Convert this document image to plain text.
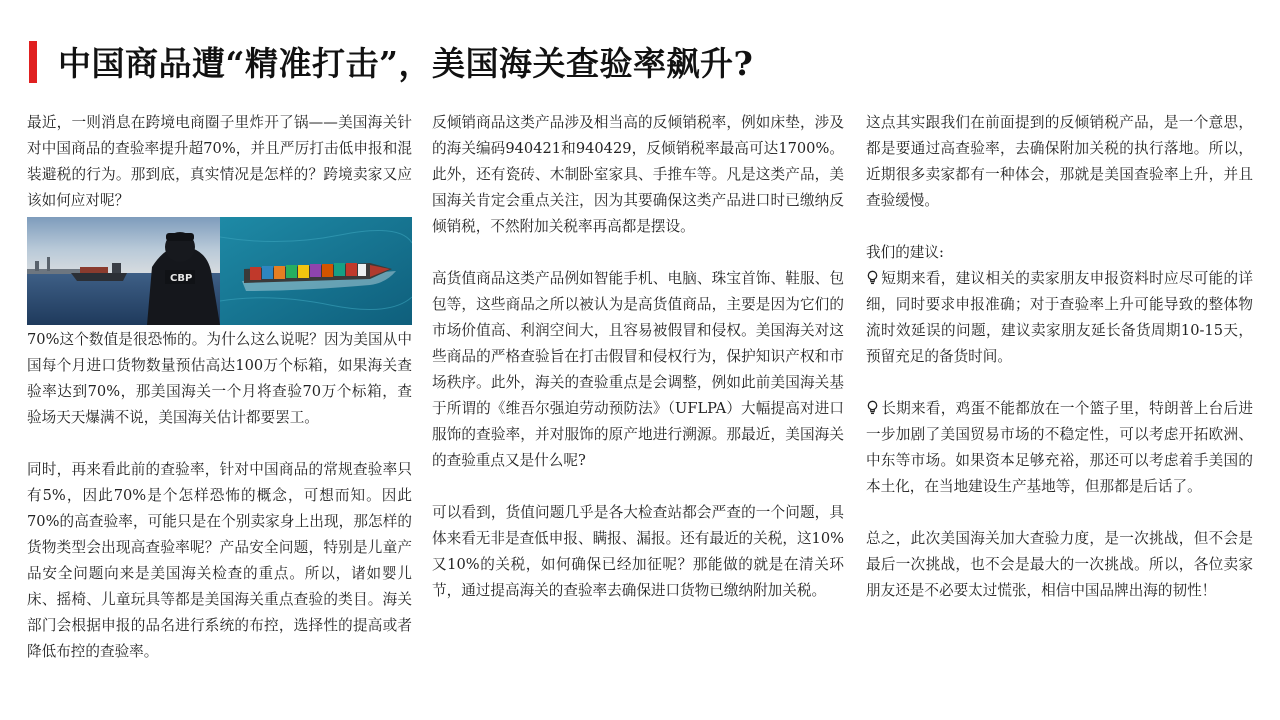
中国商品遭“精准打击”，美国海关查验率飙升?

最近，一则消息在跨境电商圈子里炸开了锅——美国海关针对中国商品的查验率提升超70%，并且严厉打击低申报和混装避税的行为。那到底，真实情况是怎样的？跨境卖家又应该如何应对呢？

CBP

70%这个数值是很恐怖的。为什么这么说呢？因为美国从中国每个月进口货物数量预估高达100万个标箱，如果海关查验率达到70%，那美国海关一个月将查验70万个标箱，查验场天天爆满不说，美国海关估计都要罢工。

同时，再来看此前的查验率，针对中国商品的常规查验率只有5%，因此70%是个怎样恐怖的概念，可想而知。因此70%的高查验率，可能只是在个别卖家身上出现，那怎样的货物类型会出现高查验率呢？产品安全问题，特别是儿童产品安全问题向来是美国海关检查的重点。所以，诸如婴儿床、摇椅、儿童玩具等都是美国海关重点查验的类目。海关部门会根据申报的品名进行系统的布控，选择性的提高或者降低布控的查验率。

反倾销商品这类产品涉及相当高的反倾销税率，例如床垫，涉及的海关编码940421和940429，反倾销税率最高可达1700%。此外，还有瓷砖、木制卧室家具、手推车等。凡是这类产品，美国海关肯定会重点关注，因为其要确保这类产品进口时已缴纳反倾销税，不然附加关税率再高都是摆设。

高货值商品这类产品例如智能手机、电脑、珠宝首饰、鞋服、包包等，这些商品之所以被认为是高货值商品，主要是因为它们的市场价值高、利润空间大，且容易被假冒和侵权。美国海关对这些商品的严格查验旨在打击假冒和侵权行为，保护知识产权和市场秩序。此外，海关的查验重点是会调整，例如此前美国海关基于所谓的《维吾尔强迫劳动预防法》（UFLPA）大幅提高对进口服饰的查验率，并对服饰的原产地进行溯源。那最近，美国海关的查验重点又是什么呢?

可以看到，货值问题几乎是各大检查站都会严查的一个问题，具体来看无非是查低申报、瞒报、漏报。还有最近的关税，这10%又10%的关税，如何确保已经加征呢？那能做的就是在清关环节，通过提高海关的查验率去确保进口货物已缴纳附加关税。

这点其实跟我们在前面提到的反倾销税产品，是一个意思，都是要通过高查验率，去确保附加关税的执行落地。所以，近期很多卖家都有一种体会，那就是美国查验率上升，并且查验缓慢。

我们的建议:

短期来看，建议相关的卖家朋友申报资料时应尽可能的详细，同时要求申报准确；对于查验率上升可能导致的整体物流时效延误的问题，建议卖家朋友延长备货周期10-15天，预留充足的备货时间。

长期来看，鸡蛋不能都放在一个篮子里，特朗普上台后进一步加剧了美国贸易市场的不稳定性，可以考虑开拓欧洲、中东等市场。如果资本足够充裕，那还可以考虑着手美国的本土化，在当地建设生产基地等，但那都是后话了。

总之，此次美国海关加大查验力度，是一次挑战，但不会是最后一次挑战，也不会是最大的一次挑战。所以，各位卖家朋友还是不必要太过慌张，相信中国品牌出海的韧性！
